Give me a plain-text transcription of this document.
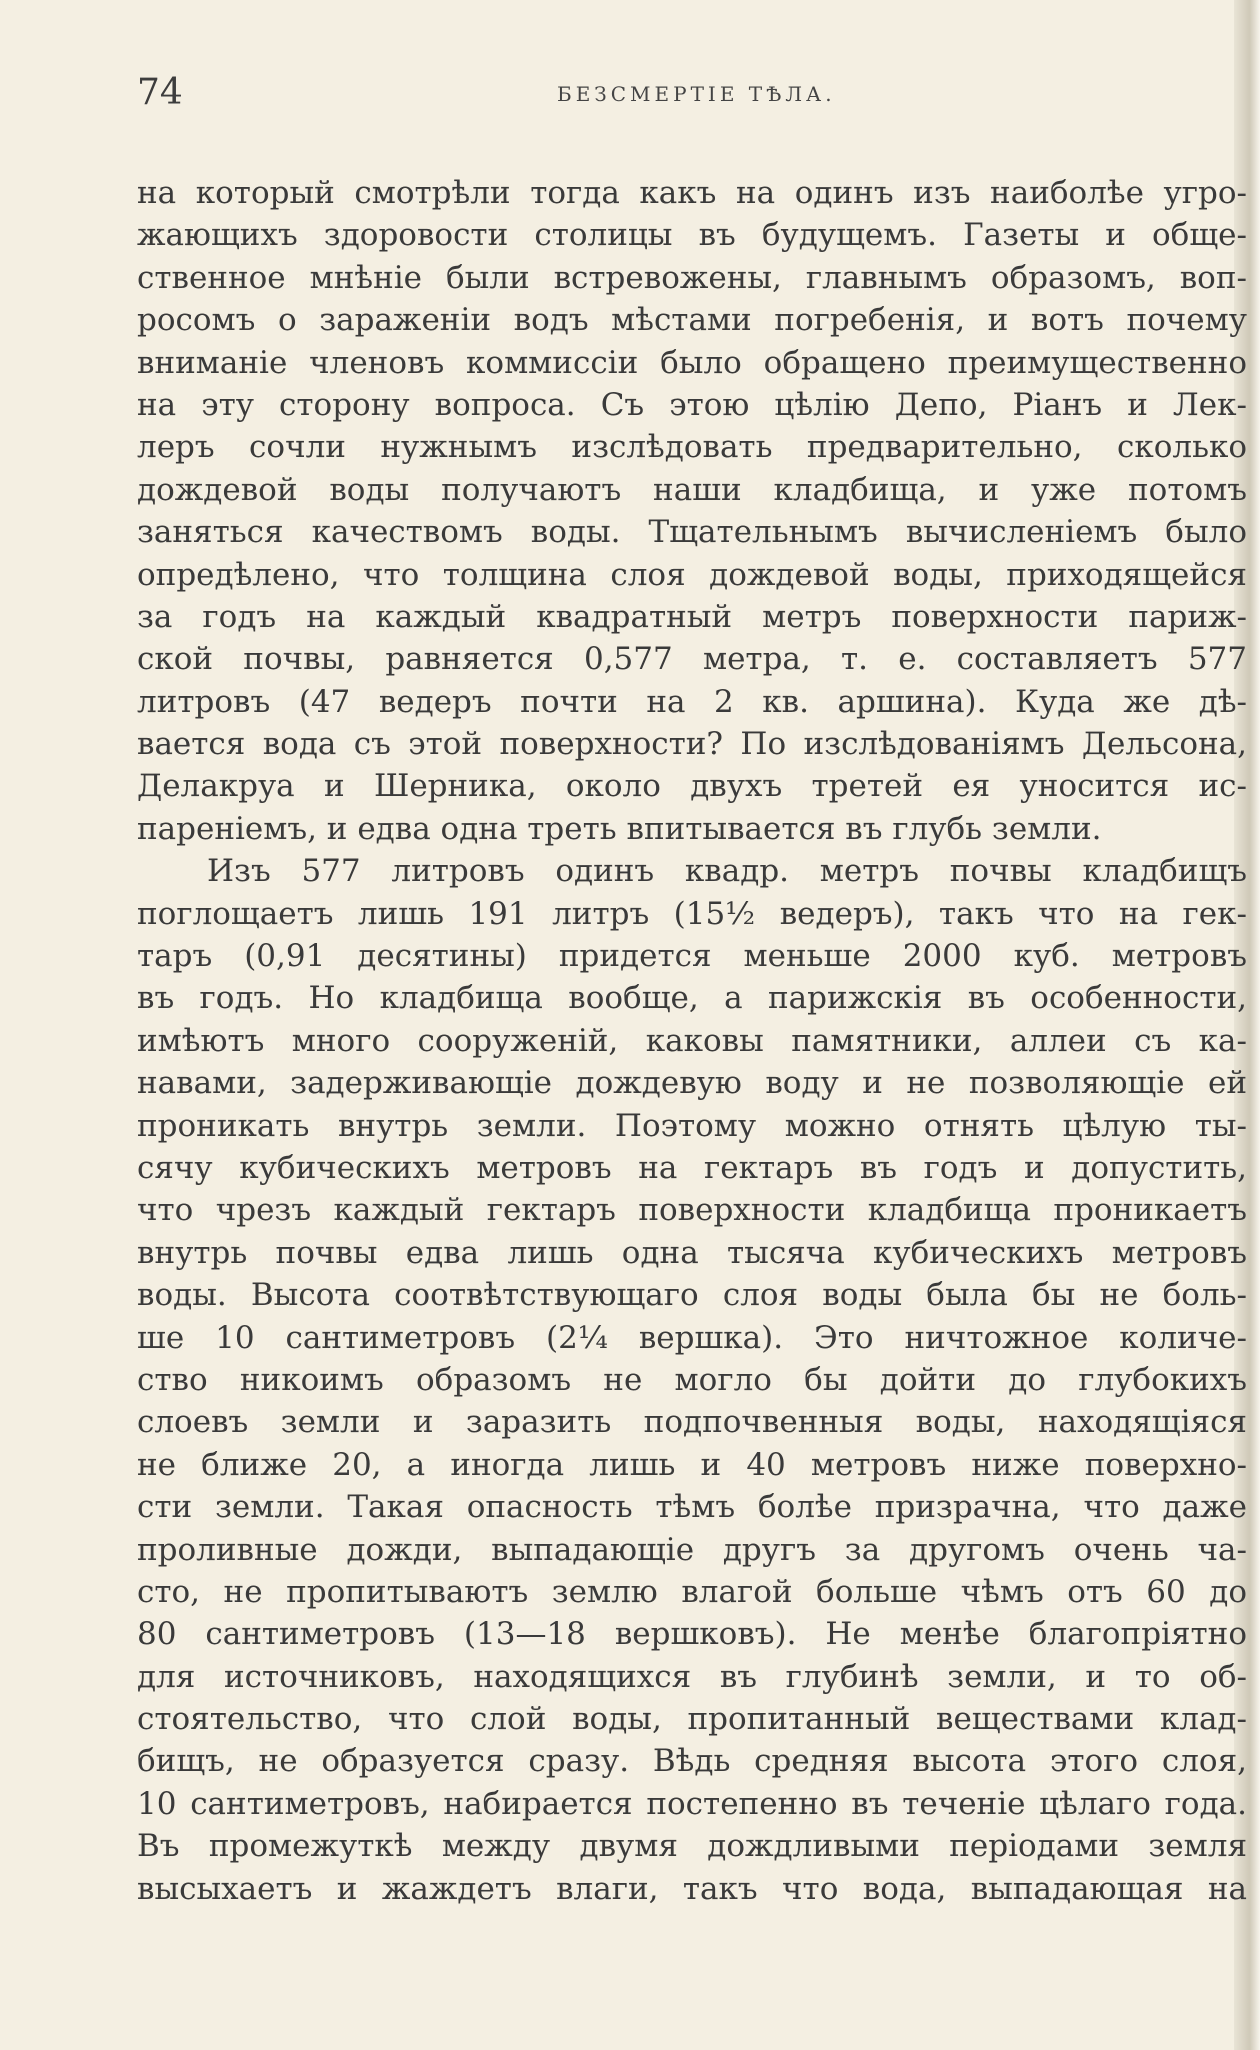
74	БЕЗСМЕРТІЕ ТѢЛА.
на который смотрѣли тогда какъ на одинъ изъ наиболѣе угро-
жающихъ здоровости столицы въ будущемъ. Газеты и обще-
ственное мнѣніе были встревожены, главнымъ образомъ, воп-
росомъ о зараженіи водъ мѣстами погребенія, и вотъ почему
вниманіе членовъ коммиссіи было обращено преимущественно
на эту сторону вопроса. Съ этою цѣлію Депо, Ріанъ и Лек-
леръ сочли нужнымъ изслѣдовать предварительно, сколько
дождевой воды получаютъ наши кладбища, и уже потомъ
заняться качествомъ воды. Тщательнымъ вычисленіемъ было
опредѣлено, что толщина слоя дождевой воды, приходящейся
за годъ на каждый квадратный метръ поверхности париж-
ской почвы, равняется 0,577 метра, т. е. составляетъ 577
литровъ (47 ведеръ почти на 2 кв. аршина). Куда же дѣ-
вается вода съ этой поверхности? По изслѣдованіямъ Дельсона,
Делакруа и Шерника, около двухъ третей ея уносится ис-
пареніемъ, и едва одна треть впитывается въ глубь земли.
Изъ 577 литровъ одинъ квадр. метръ почвы кладбищъ
поглощаетъ лишь 191 литръ (15½ ведеръ), такъ что на гек-
таръ (0,91 десятины) придется меньше 2000 куб. метровъ
въ годъ. Но кладбища вообще, а парижскія въ особенности,
имѣютъ много сооруженій, каковы памятники, аллеи съ ка-
навами, задерживающіе дождевую воду и не позволяющіе ей
проникать внутрь земли. Поэтому можно отнять цѣлую ты-
сячу кубическихъ метровъ на гектаръ въ годъ и допустить,
что чрезъ каждый гектаръ поверхности кладбища проникаетъ
внутрь почвы едва лишь одна тысяча кубическихъ метровъ
воды. Высота соотвѣтствующаго слоя воды была бы не боль-
ше 10 сантиметровъ (2¼ вершка). Это ничтожное количе-
ство никоимъ образомъ не могло бы дойти до глубокихъ
слоевъ земли и заразить подпочвенныя воды, находящіяся
не ближе 20, а иногда лишь и 40 метровъ ниже поверхно-
сти земли. Такая опасность тѣмъ болѣе призрачна, что даже
проливные дожди, выпадающіе другъ за другомъ очень ча-
сто, не пропитываютъ землю влагой больше чѣмъ отъ 60 до
80 сантиметровъ (13—18 вершковъ). Не менѣе благопріятно
для источниковъ, находящихся въ глубинѣ земли, и то об-
стоятельство, что слой воды, пропитанный веществами клад-
бищъ, не образуется сразу. Вѣдь средняя высота этого слоя,
10 сантиметровъ, набирается постепенно въ теченіе цѣлаго года.
Въ промежуткѣ между двумя дождливыми періодами земля
высыхаетъ и жаждетъ влаги, такъ что вода, выпадающая на
